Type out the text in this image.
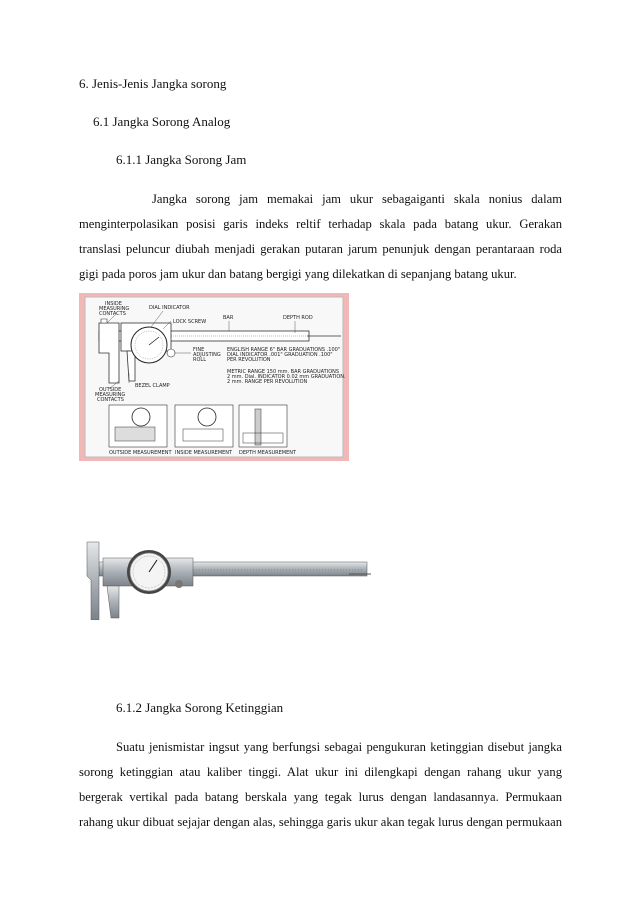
6. Jenis-Jenis Jangka sorong
6.1 Jangka Sorong Analog
6.1.1 Jangka Sorong Jam
Jangka sorong jam memakai jam ukur sebagaiganti skala nonius dalam
menginterpolasikan posisi garis indeks reltif terhadap skala pada batang ukur. Gerakan
translasi peluncur diubah menjadi gerakan putaran jarum penunjuk dengan perantaraan roda
gigi pada poros jam ukur dan batang bergigi yang dilekatkan di sepanjang batang ukur.
INSIDE
MEASURING
CONTACTS
DIAL INDICATOR
LOCK SCREW
BAR	DEPTH ROD
FINE
ADJUSTING
ROLL
ENGLISH RANGE 6" BAR GRADUATIONS .100"
DIAL INDICATOR .001" GRADUATION .100"
PER REVOLUTION
METRIC RANGE 150 mm. BAR GRADUATIONS
2 mm. Dial. INDICATOR 0.02 mm GRADUATION.
2 mm. RANGE PER REVOLUTION
BEZEL CLAMP
OUTSIDE
MEASURING
CONTACTS
OUTSIDE MEASUREMENT INSIDE MEASUREMENT DEPTH MEASUREMENT
6.1.2 Jangka Sorong Ketinggian
Suatu jenismistar ingsut yang berfungsi sebagai pengukuran ketinggian disebut jangka
sorong ketinggian atau kaliber tinggi. Alat ukur ini dilengkapi dengan rahang ukur yang
bergerak vertikal pada batang berskala yang tegak lurus dengan landasannya. Permukaan
rahang ukur dibuat sejajar dengan alas, sehingga garis ukur akan tegak lurus dengan permukaan
